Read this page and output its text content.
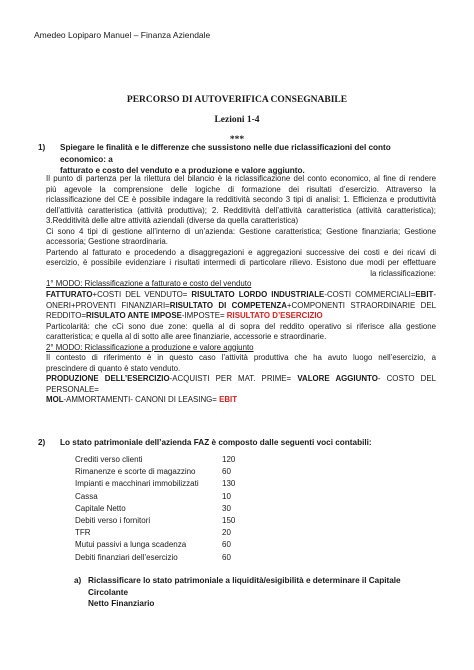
Amedeo Lopiparo Manuel – Finanza Aziendale
PERCORSO DI AUTOVERIFICA CONSEGNABILE
Lezioni 1-4
***
1) Spiegare le finalità e le differenze che sussistono nelle due riclassificazioni del conto economico: a
fatturato e costo del venduto e a produzione e valore aggiunto.

Il punto di partenza per la rilettura del bilancio è la riclassificazione del conto economico, al fine di rendere

più agevole la comprensione delle logiche di formazione dei risultati d’esercizio. Attraverso la

riclassificazione del CE è possibile indagare la redditività secondo 3 tipi di analisi: 1. Efficienza e produttività

dell’attività caratteristica (attività produttiva); 2. Redditività dell’attività caratteristica (attività caratteristica);

3.Redditività delle altre attività aziendali (diverse da quella caratteristica)

Ci sono 4 tipi di gestione all’interno di un’azienda: Gestione caratteristica; Gestione finanziaria; Gestione

accessoria; Gestione straordinaria.

Partendo al fatturato e procedendo a disaggregazioni e aggregazioni successive dei costi e dei ricavi di

esercizio, è possibile evidenziare i risultati intermedi di particolare rilievo. Esistono due modi per effettuare

la riclassificazione:

1° MODO: Riclassificazione a fatturato e costo del venduto

FATTURATO+COSTI DEL VENDUTO= RISULTATO LORDO INDUSTRIALE-COSTI COMMERCIALI=EBIT-

ONERI+PROVENTI FINANZIARI=RISULTATO DI COMPETENZA+COMPONENTI STRAORDINARIE DEL

REDDITO=RISULATO ANTE IMPOSE-IMPOSTE= RISULTATO D’ESERCIZIO

Particolarità: che cCi sono due zone: quella al di sopra del reddito operativo si riferisce alla gestione

caratteristica; e quella al di sotto alle aree finanziarie, accessorie e straordinarie.

2° MODO: Riclassificazione a produzione e valore aggiunto

Il contesto di riferimento è in questo caso l’attività produttiva che ha avuto luogo nell’esercizio, a

prescindere di quanto è stato venduto.

PRODUZIONE DELL’ESERCIZIO-ACQUISTI PER MAT. PRIME= VALORE AGGIUNTO- COSTO DEL PERSONALE=

MOL-AMMORTAMENTI- CANONI DI LEASING= EBIT

2) Lo stato patrimoniale dell’azienda FAZ è composto dalle seguenti voci contabili:
Crediti verso clienti	120
Rimanenze e scorte di magazzino	60
Impianti e macchinari immobilizzati	130
Cassa	10
Capitale Netto	30
Debiti verso i fornitori	150
TFR	20
Mutui passivi a lunga scadenza	60
Debiti finanziari dell’esercizio	60
a) Riclassificare lo stato patrimoniale a liquidità/esigibilità e determinare il Capitale Circolante
Netto Finanziario
